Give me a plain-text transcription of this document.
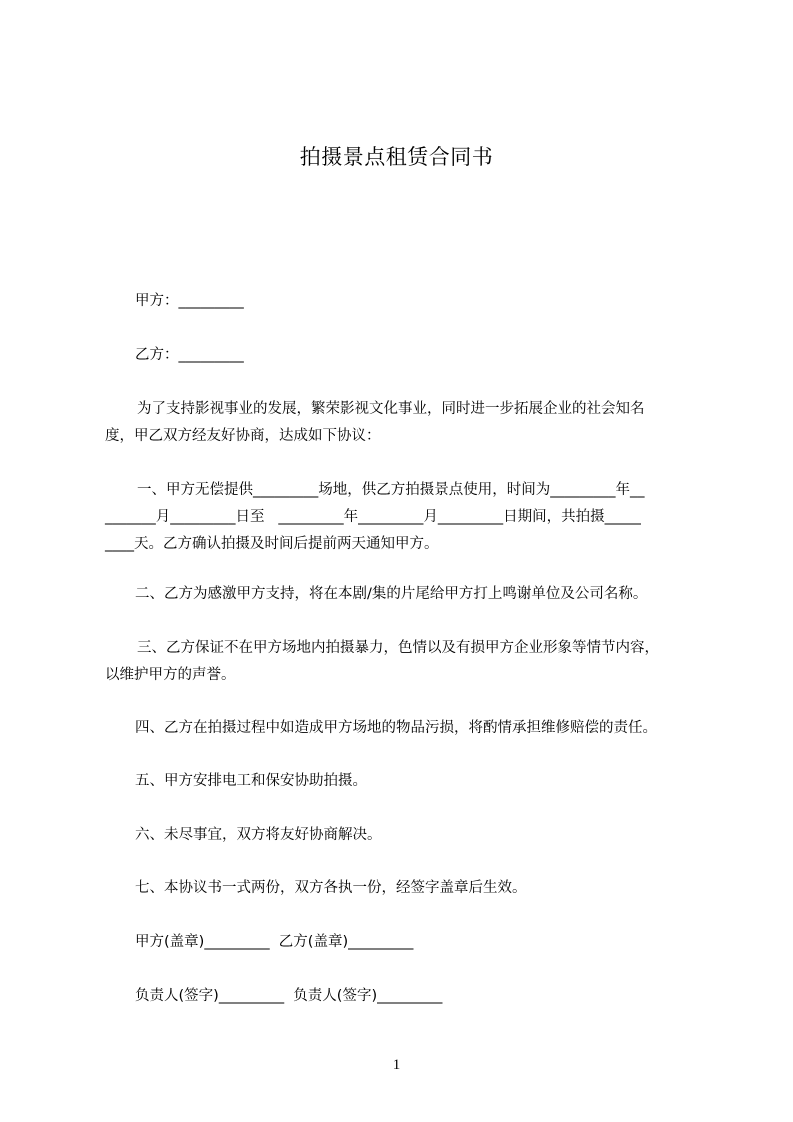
拍摄景点租赁合同书
甲方：_________
乙方：_________
为了支持影视事业的发展，繁荣影视文化事业，同时进一步拓展企业的社会知名
度，甲乙双方经友好协商，达成如下协议：
一、甲方无偿提供_________场地，供乙方拍摄景点使用，时间为_________年__
_______月_________日至   _________年_________月_________日期间，共拍摄_____
____天。乙方确认拍摄及时间后提前两天通知甲方。
二、乙方为感激甲方支持，将在本剧/集的片尾给甲方打上鸣谢单位及公司名称。
三、乙方保证不在甲方场地内拍摄暴力，色情以及有损甲方企业形象等情节内容，
以维护甲方的声誉。
四、乙方在拍摄过程中如造成甲方场地的物品污损，将酌情承担维修赔偿的责任。
五、甲方安排电工和保安协助拍摄。
六、未尽事宜，双方将友好协商解决。
七、本协议书一式两份，双方各执一份，经签字盖章后生效。
甲方(盖章)_________  乙方(盖章)_________
负责人(签字)_________  负责人(签字)_________
1
